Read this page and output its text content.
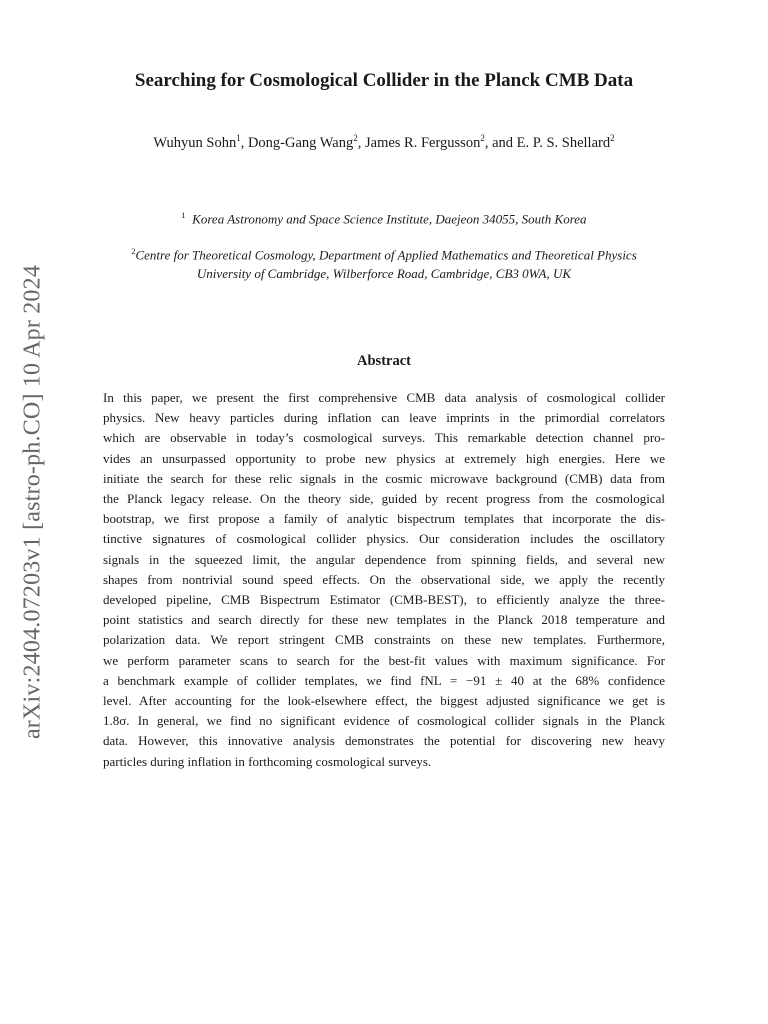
arXiv:2404.07203v1 [astro-ph.CO] 10 Apr 2024
Searching for Cosmological Collider in the Planck CMB Data
Wuhyun Sohn$^1$, Dong-Gang Wang$^2$, James R. Fergusson$^2$, and E. P. S. Shellard$^2$
$^1$ Korea Astronomy and Space Science Institute, Daejeon 34055, South Korea
$^2$Centre for Theoretical Cosmology, Department of Applied Mathematics and Theoretical Physics
University of Cambridge, Wilberforce Road, Cambridge, CB3 0WA, UK
Abstract
In this paper, we present the first comprehensive CMB data analysis of cosmological collider
physics. New heavy particles during inflation can leave imprints in the primordial correlators
which are observable in today’s cosmological surveys. This remarkable detection channel pro-
vides an unsurpassed opportunity to probe new physics at extremely high energies. Here we
initiate the search for these relic signals in the cosmic microwave background (CMB) data from
the Planck legacy release. On the theory side, guided by recent progress from the cosmological
bootstrap, we first propose a family of analytic bispectrum templates that incorporate the dis-
tinctive signatures of cosmological collider physics. Our consideration includes the oscillatory
signals in the squeezed limit, the angular dependence from spinning fields, and several new
shapes from nontrivial sound speed effects. On the observational side, we apply the recently
developed pipeline, CMB Bispectrum Estimator (CMB-BEST), to efficiently analyze the three-
point statistics and search directly for these new templates in the Planck 2018 temperature and
polarization data. We report stringent CMB constraints on these new templates. Furthermore,
we perform parameter scans to search for the best-fit values with maximum significance. For
a benchmark example of collider templates, we find fNL = −91 ± 40 at the 68% confidence
level. After accounting for the look-elsewhere effect, the biggest adjusted significance we get is
1.8σ. In general, we find no significant evidence of cosmological collider signals in the Planck
data. However, this innovative analysis demonstrates the potential for discovering new heavy
particles during inflation in forthcoming cosmological surveys.
